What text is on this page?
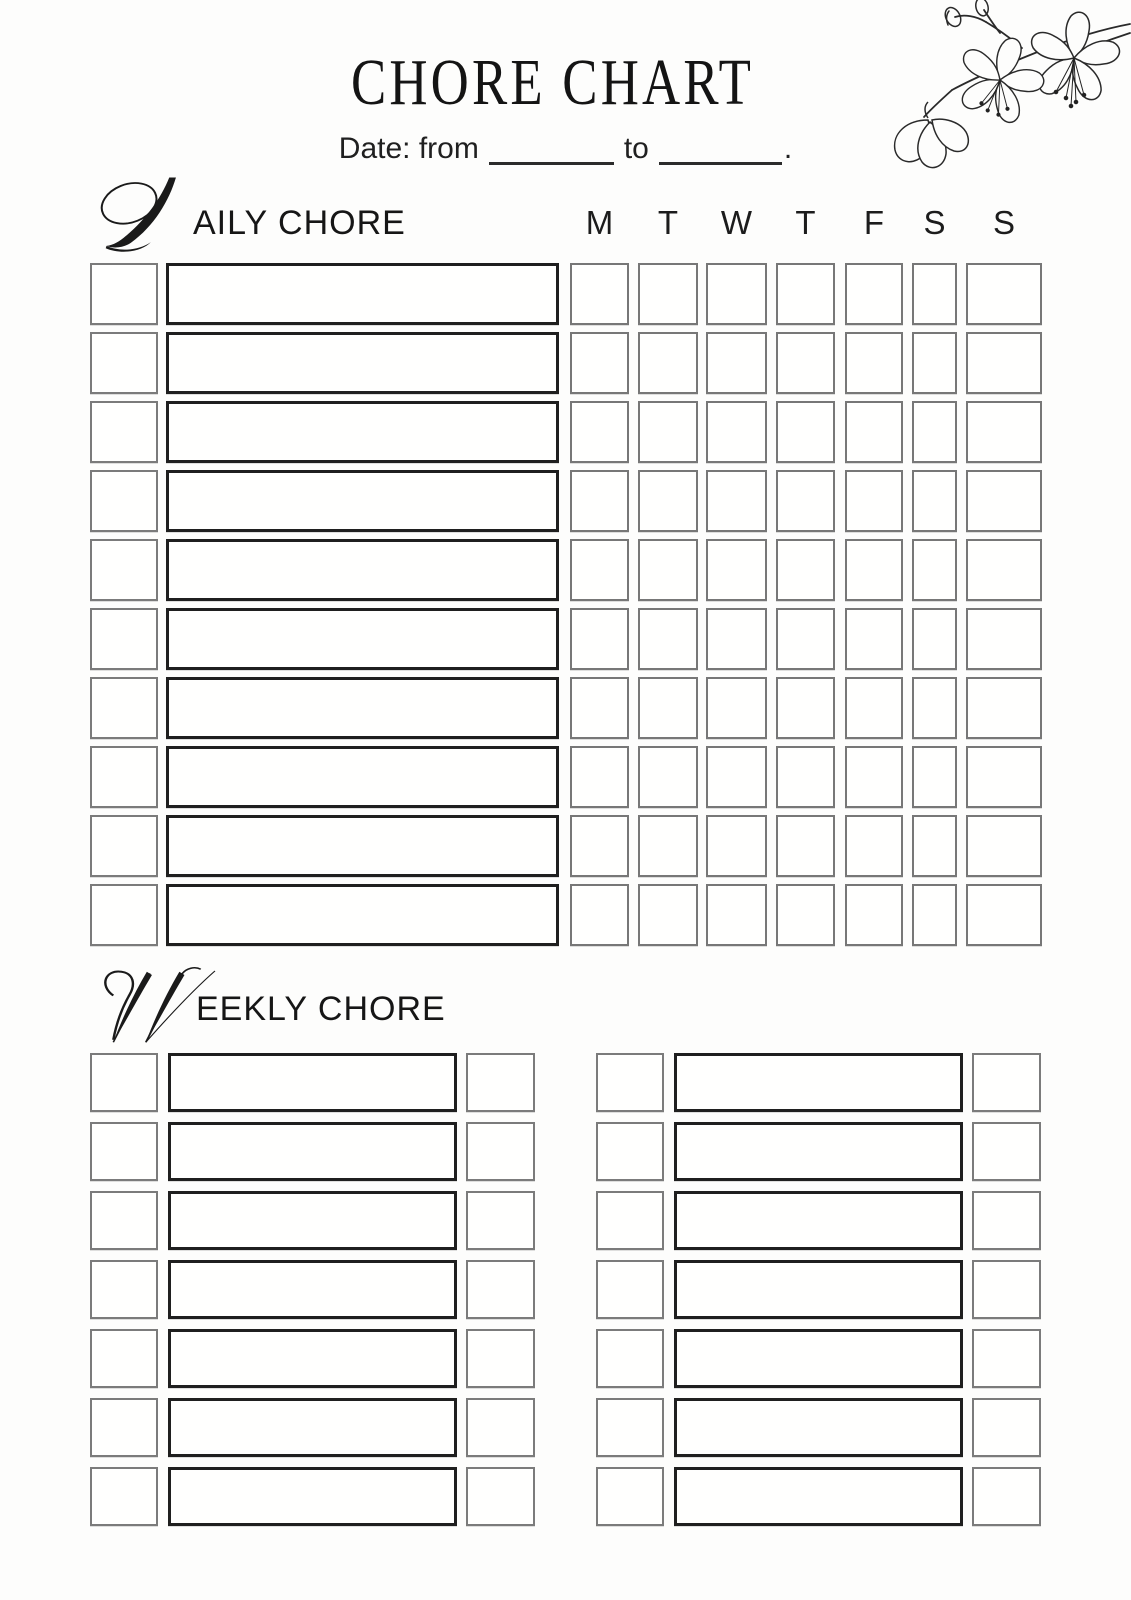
CHORE CHART
Date: from	to	.
AILY CHORE	M	T	W	T	F	S	S
EEKLY CHORE
